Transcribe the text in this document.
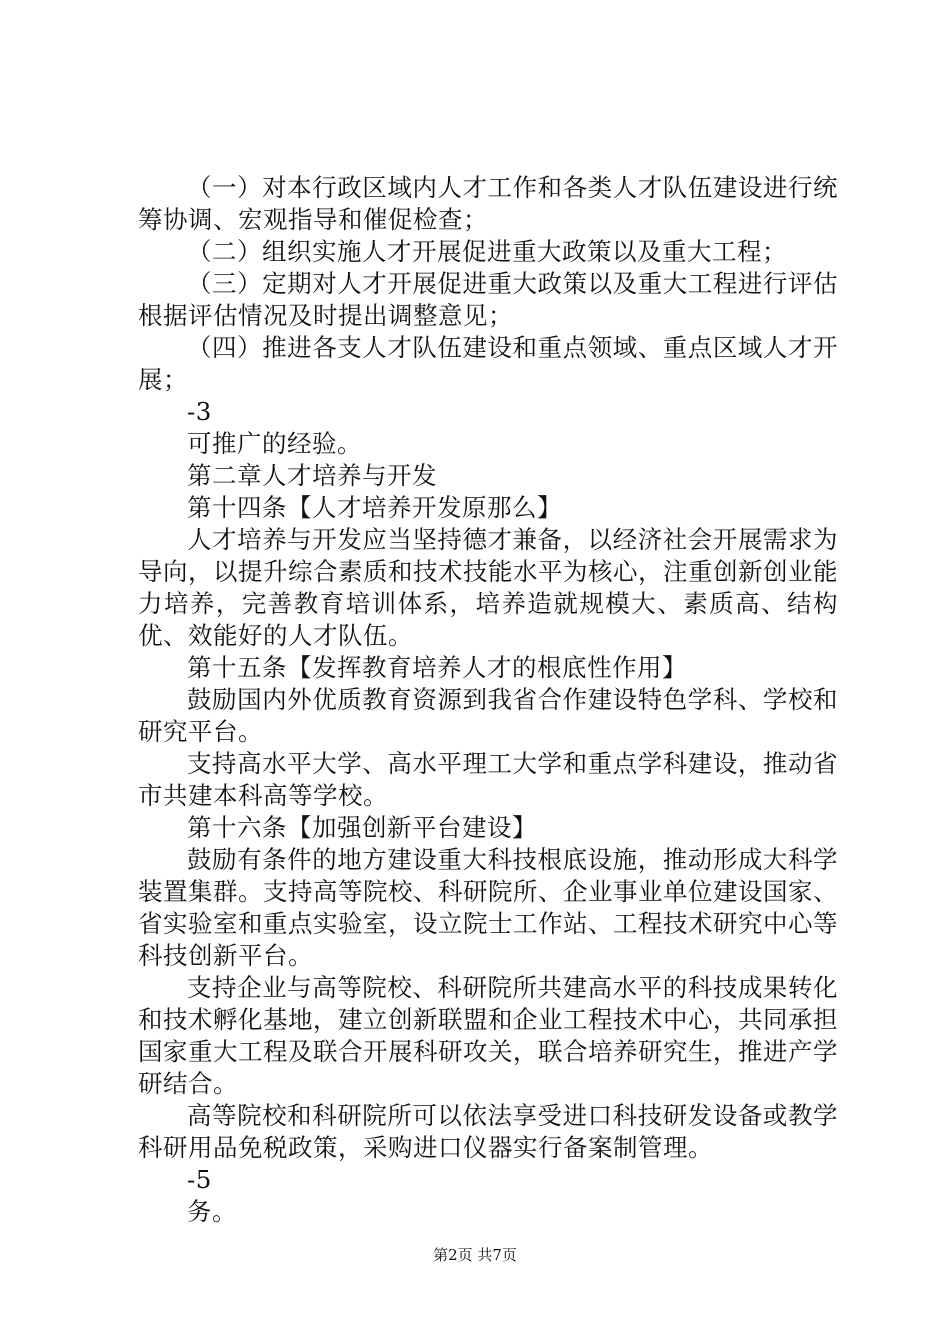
（一）对本行政区域内人才工作和各类人才队伍建设进行统筹协调、宏观指导和催促检查；

（二）组织实施人才开展促进重大政策以及重大工程；

（三）定期对人才开展促进重大政策以及重大工程进行评估根据评估情况及时提出调整意见；

（四）推进各支人才队伍建设和重点领域、重点区域人才开展；

-3

可推广的经验。

第二章人才培养与开发

第十四条【人才培养开发原那么】

人才培养与开发应当坚持德才兼备，以经济社会开展需求为导向，以提升综合素质和技术技能水平为核心，注重创新创业能力培养，完善教育培训体系，培养造就规模大、素质高、结构优、效能好的人才队伍。

第十五条【发挥教育培养人才的根底性作用】

鼓励国内外优质教育资源到我省合作建设特色学科、学校和研究平台。

支持高水平大学、高水平理工大学和重点学科建设，推动省市共建本科高等学校。

第十六条【加强创新平台建设】

鼓励有条件的地方建设重大科技根底设施，推动形成大科学装置集群。支持高等院校、科研院所、企业事业单位建设国家、省实验室和重点实验室，设立院士工作站、工程技术研究中心等科技创新平台。

支持企业与高等院校、科研院所共建高水平的科技成果转化和技术孵化基地，建立创新联盟和企业工程技术中心，共同承担国家重大工程及联合开展科研攻关，联合培养研究生，推进产学研结合。

高等院校和科研院所可以依法享受进口科技研发设备或教学科研用品免税政策，采购进口仪器实行备案制管理。

-5

务。

第2页 共7页
